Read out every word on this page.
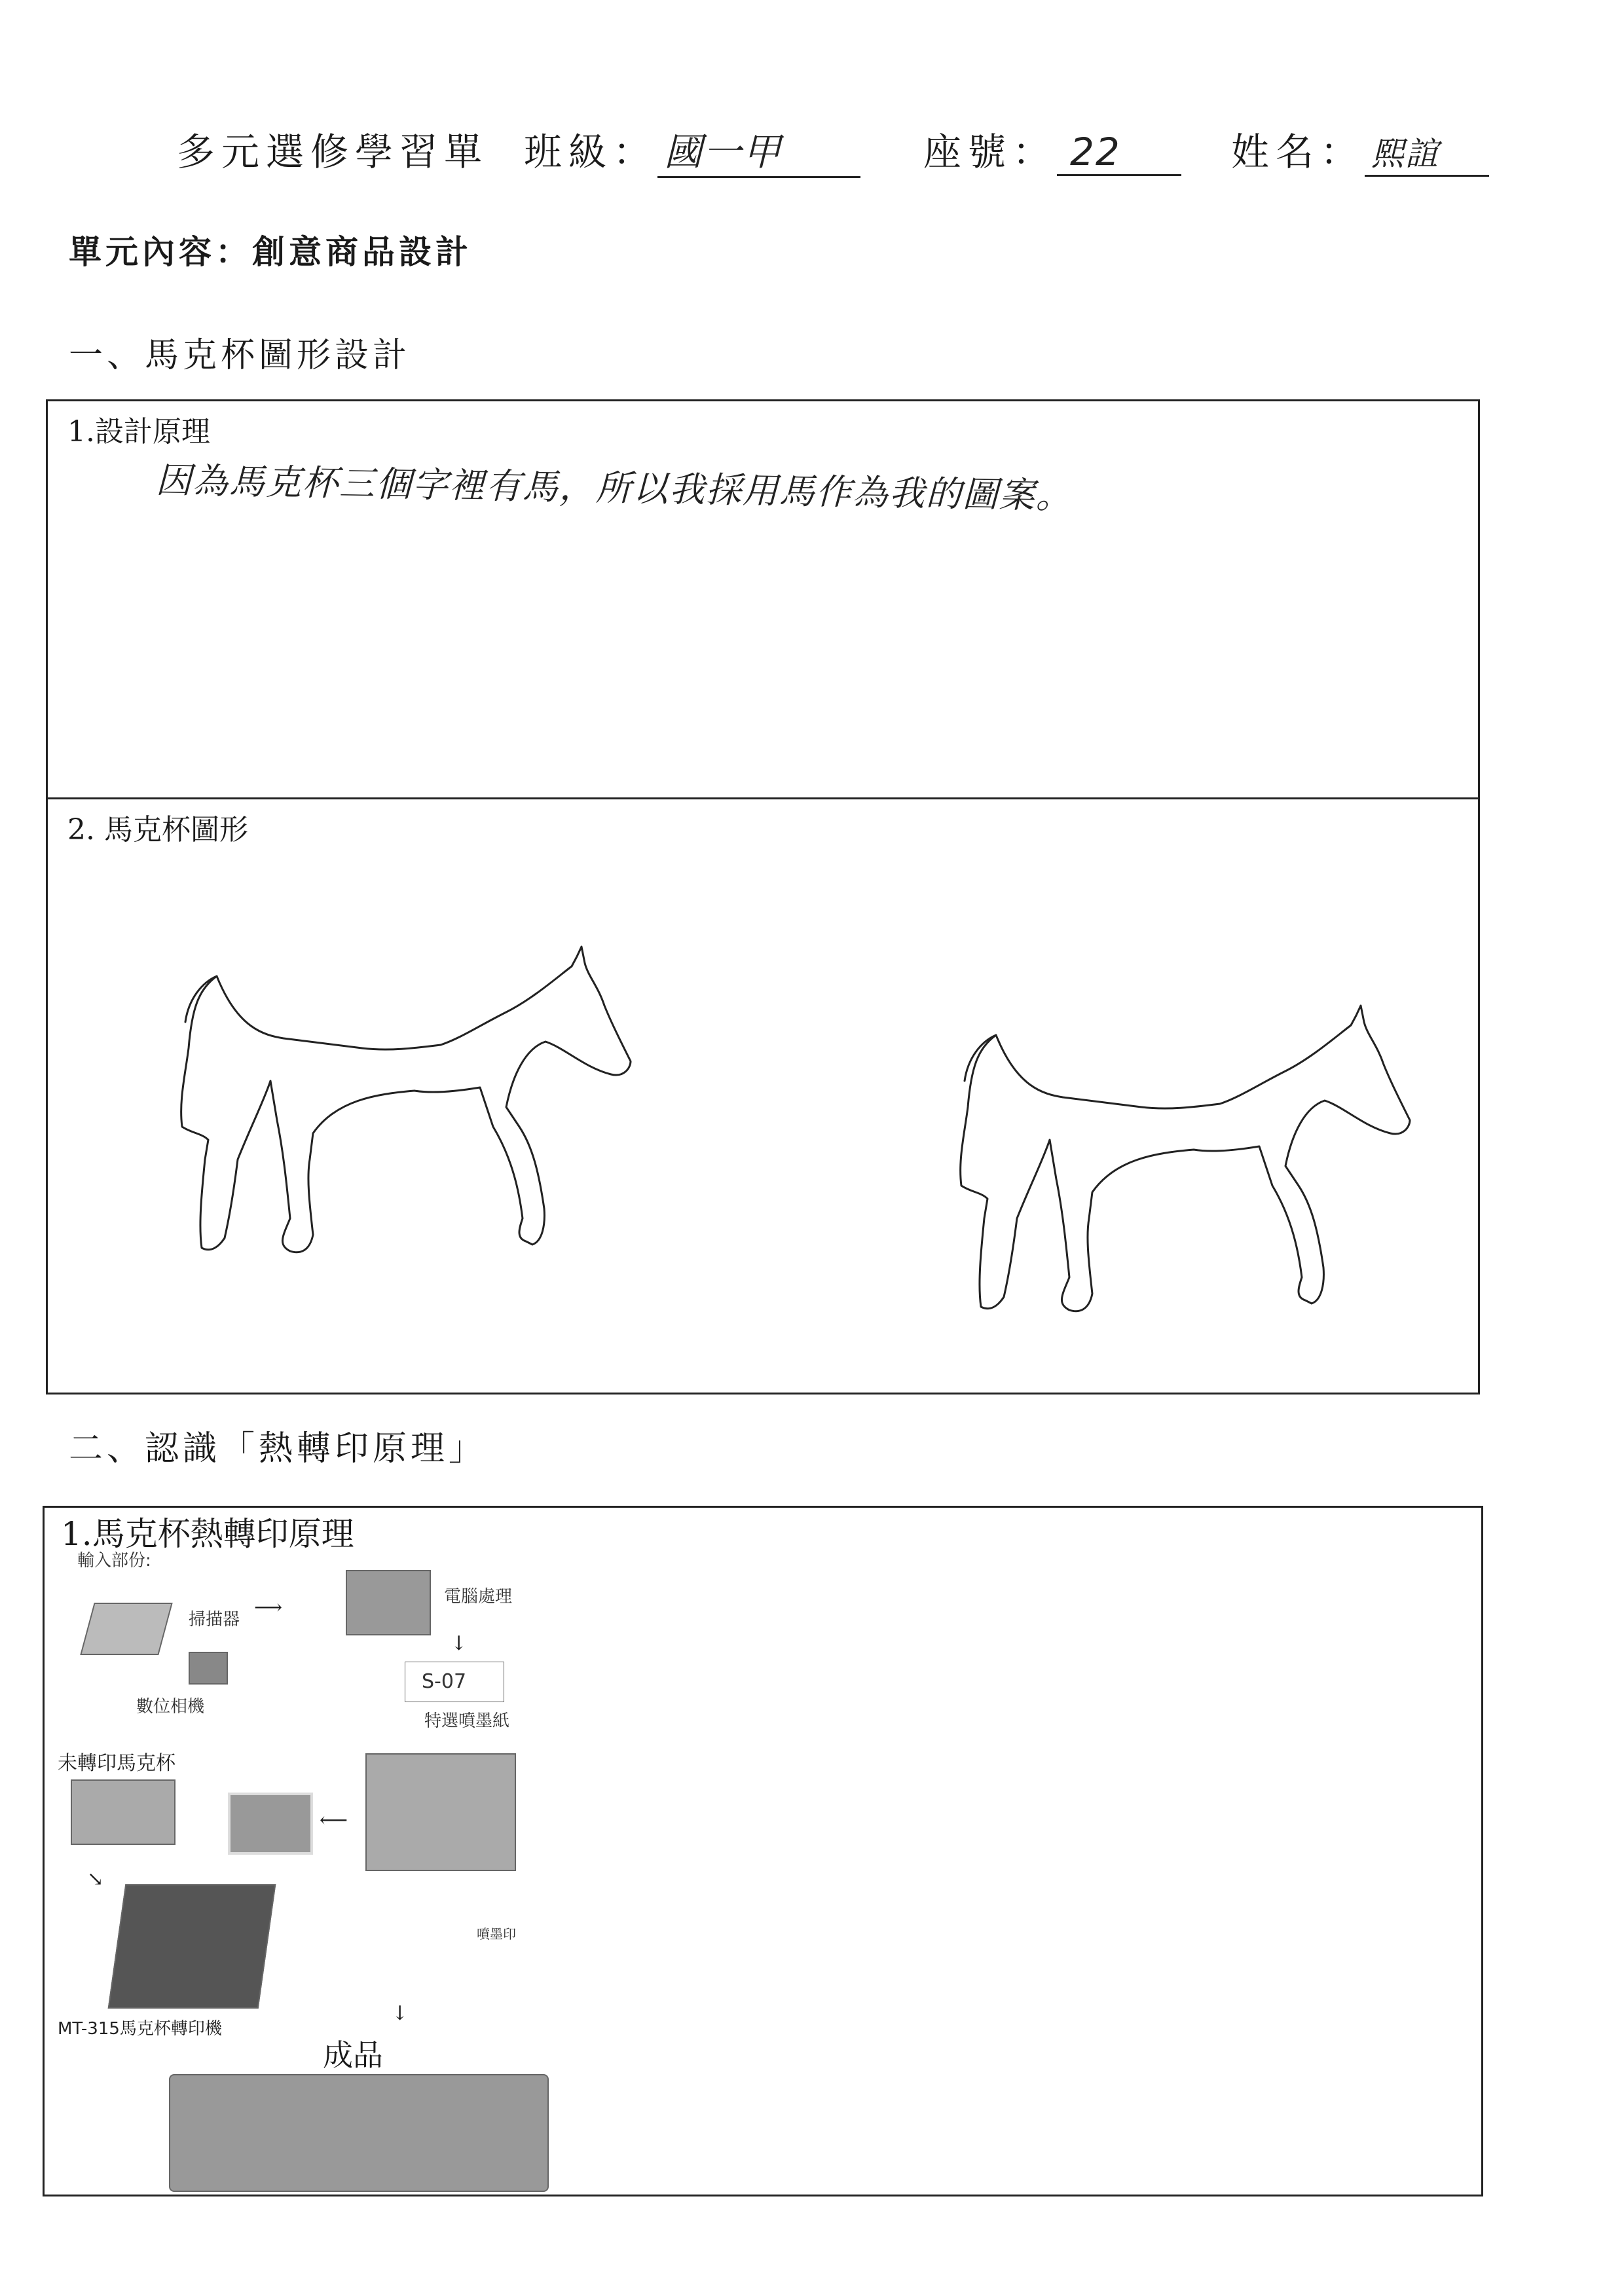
多元選修學習單 班級： 國一甲	座號： 22	姓名： 熙誼
單元內容：創意商品設計
一、馬克杯圖形設計
1.設計原理
因為馬克杯三個字裡有馬，所以我採用馬作為我的圖案。
2. 馬克杯圖形
二、認識「熱轉印原理」
1.馬克杯熱轉印原理
輸入部份:
掃描器
⟶
數位相機
電腦處理
↓
S-07
特選噴墨紙
未轉印馬克杯
⟵
↘
噴墨印
MT-315馬克杯轉印機
↓
成品
